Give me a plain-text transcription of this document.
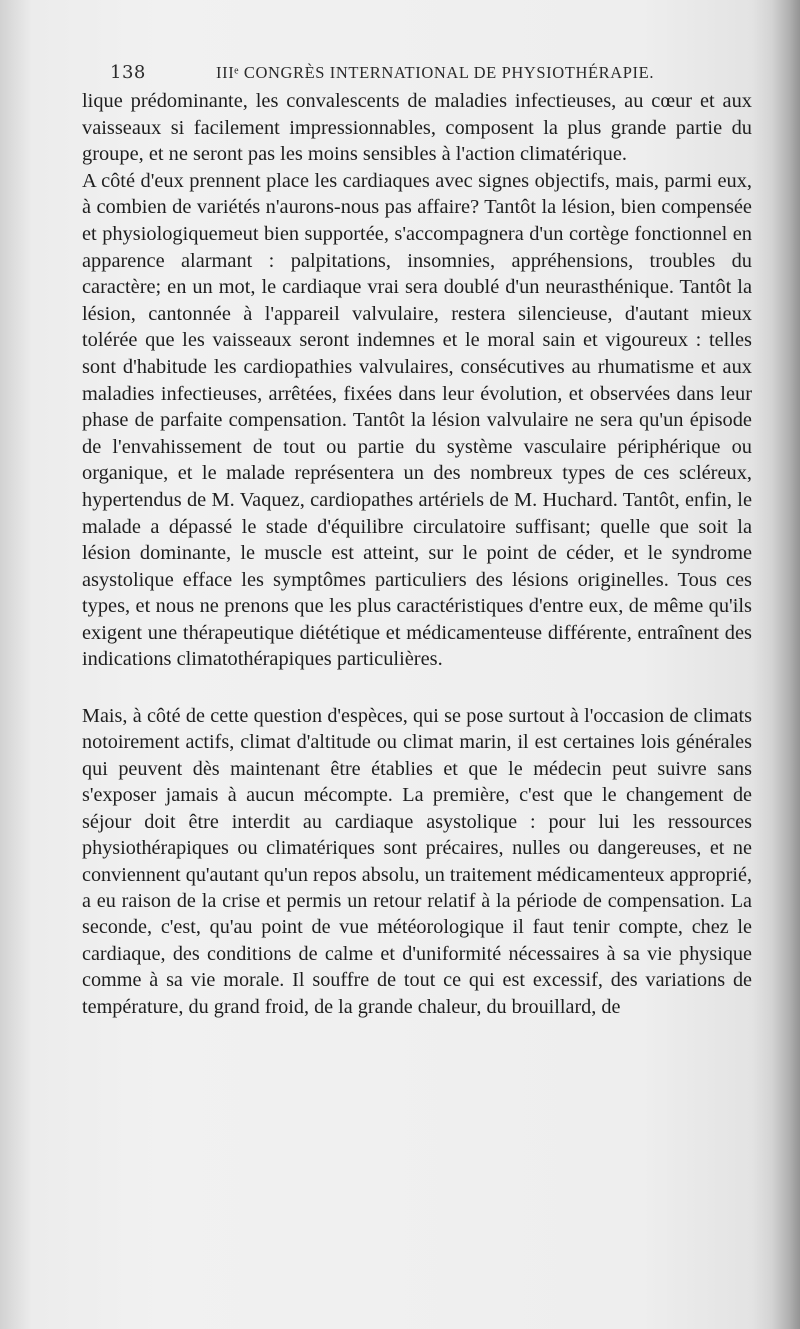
138	IIIᵉ CONGRÈS INTERNATIONAL DE PHYSIOTHÉRAPIE.

lique prédominante, les convalescents de maladies infectieuses, au cœur et aux vaisseaux si facilement impressionnables, composent la plus grande partie du groupe, et ne seront pas les moins sensibles à l'action climatérique.

A côté d'eux prennent place les cardiaques avec signes objectifs, mais, parmi eux, à combien de variétés n'aurons-nous pas affaire? Tantôt la lésion, bien compensée et physiologiquemeut bien supportée, s'accompagnera d'un cortège fonctionnel en apparence alarmant : palpitations, insomnies, appréhensions, troubles du caractère; en un mot, le cardiaque vrai sera doublé d'un neurasthénique. Tantôt la lésion, cantonnée à l'appareil valvulaire, restera silencieuse, d'autant mieux tolérée que les vaisseaux seront indemnes et le moral sain et vigoureux : telles sont d'habitude les cardiopathies valvulaires, consécutives au rhumatisme et aux maladies infectieuses, arrêtées, fixées dans leur évolution, et observées dans leur phase de parfaite compensation. Tantôt la lésion valvulaire ne sera qu'un épisode de l'envahissement de tout ou partie du système vasculaire périphérique ou organique, et le malade représentera un des nombreux types de ces scléreux, hypertendus de M. Vaquez, cardiopathes artériels de M. Huchard. Tantôt, enfin, le malade a dépassé le stade d'équilibre circulatoire suffisant; quelle que soit la lésion dominante, le muscle est atteint, sur le point de céder, et le syndrome asystolique efface les symptômes particuliers des lésions originelles. Tous ces types, et nous ne prenons que les plus caractéristiques d'entre eux, de même qu'ils exigent une thérapeutique diététique et médicamenteuse différente, entraînent des indications climatothérapiques particulières.

Mais, à côté de cette question d'espèces, qui se pose surtout à l'occasion de climats notoirement actifs, climat d'altitude ou climat marin, il est certaines lois générales qui peuvent dès maintenant être établies et que le médecin peut suivre sans s'exposer jamais à aucun mécompte. La première, c'est que le changement de séjour doit être interdit au cardiaque asystolique : pour lui les ressources physiothérapiques ou climatériques sont précaires, nulles ou dangereuses, et ne conviennent qu'autant qu'un repos absolu, un traitement médicamenteux approprié, a eu raison de la crise et permis un retour relatif à la période de compensation. La seconde, c'est, qu'au point de vue météorologique il faut tenir compte, chez le cardiaque, des conditions de calme et d'uniformité nécessaires à sa vie physique comme à sa vie morale. Il souffre de tout ce qui est excessif, des variations de température, du grand froid, de la grande chaleur, du brouillard, de
